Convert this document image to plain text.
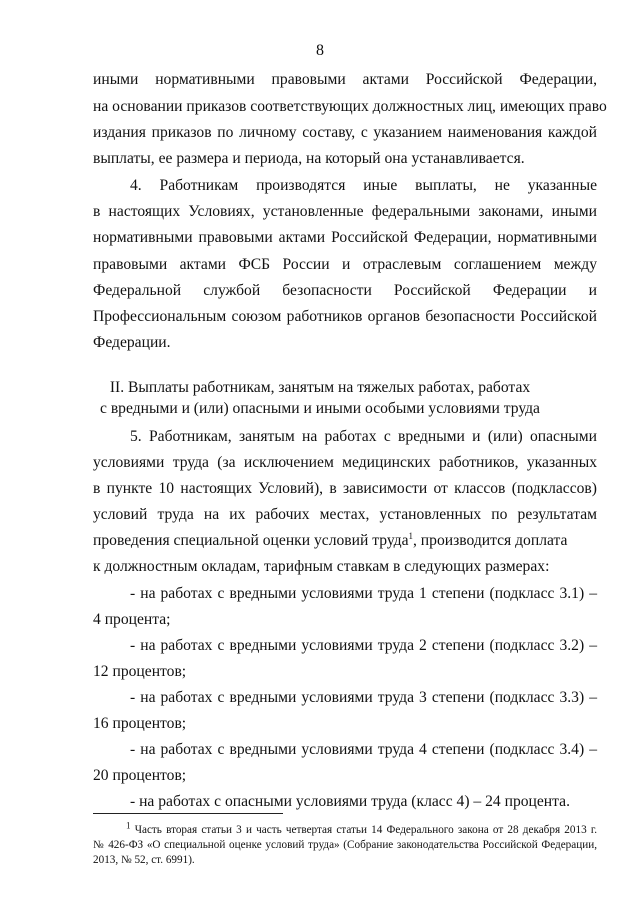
8
иными нормативными правовыми актами Российской Федерации,
на основании приказов соответствующих должностных лиц, имеющих право
издания приказов по личному составу, с указанием наименования каждой
выплаты, ее размера и периода, на который она устанавливается.
4. Работникам производятся иные выплаты, не указанные
в настоящих Условиях, установленные федеральными законами, иными
нормативными правовыми актами Российской Федерации, нормативными
правовыми актами ФСБ России и отраслевым соглашением между
Федеральной службой безопасности Российской Федерации и
Профессиональным союзом работников органов безопасности Российской
Федерации.
II. Выплаты работникам, занятым на тяжелых работах, работах
с вредными и (или) опасными и иными особыми условиями труда
5. Работникам, занятым на работах с вредными и (или) опасными
условиями труда (за исключением медицинских работников, указанных
в пункте 10 настоящих Условий), в зависимости от классов (подклассов)
условий труда на их рабочих местах, установленных по результатам
проведения специальной оценки условий труда$^1$, производится доплата
к должностным окладам, тарифным ставкам в следующих размерах:
- на работах с вредными условиями труда 1 степени (подкласс 3.1) –
4 процента;
- на работах с вредными условиями труда 2 степени (подкласс 3.2) –
12 процентов;
- на работах с вредными условиями труда 3 степени (подкласс 3.3) –
16 процентов;
- на работах с вредными условиями труда 4 степени (подкласс 3.4) –
20 процентов;
- на работах с опасными условиями труда (класс 4) – 24 процента.
$^1$ Часть вторая статьи 3 и часть четвертая статьи 14 Федерального закона от 28 декабря 2013 г.
№ 426-ФЗ «О специальной оценке условий труда» (Собрание законодательства Российской Федерации,
2013, № 52, ст. 6991).
